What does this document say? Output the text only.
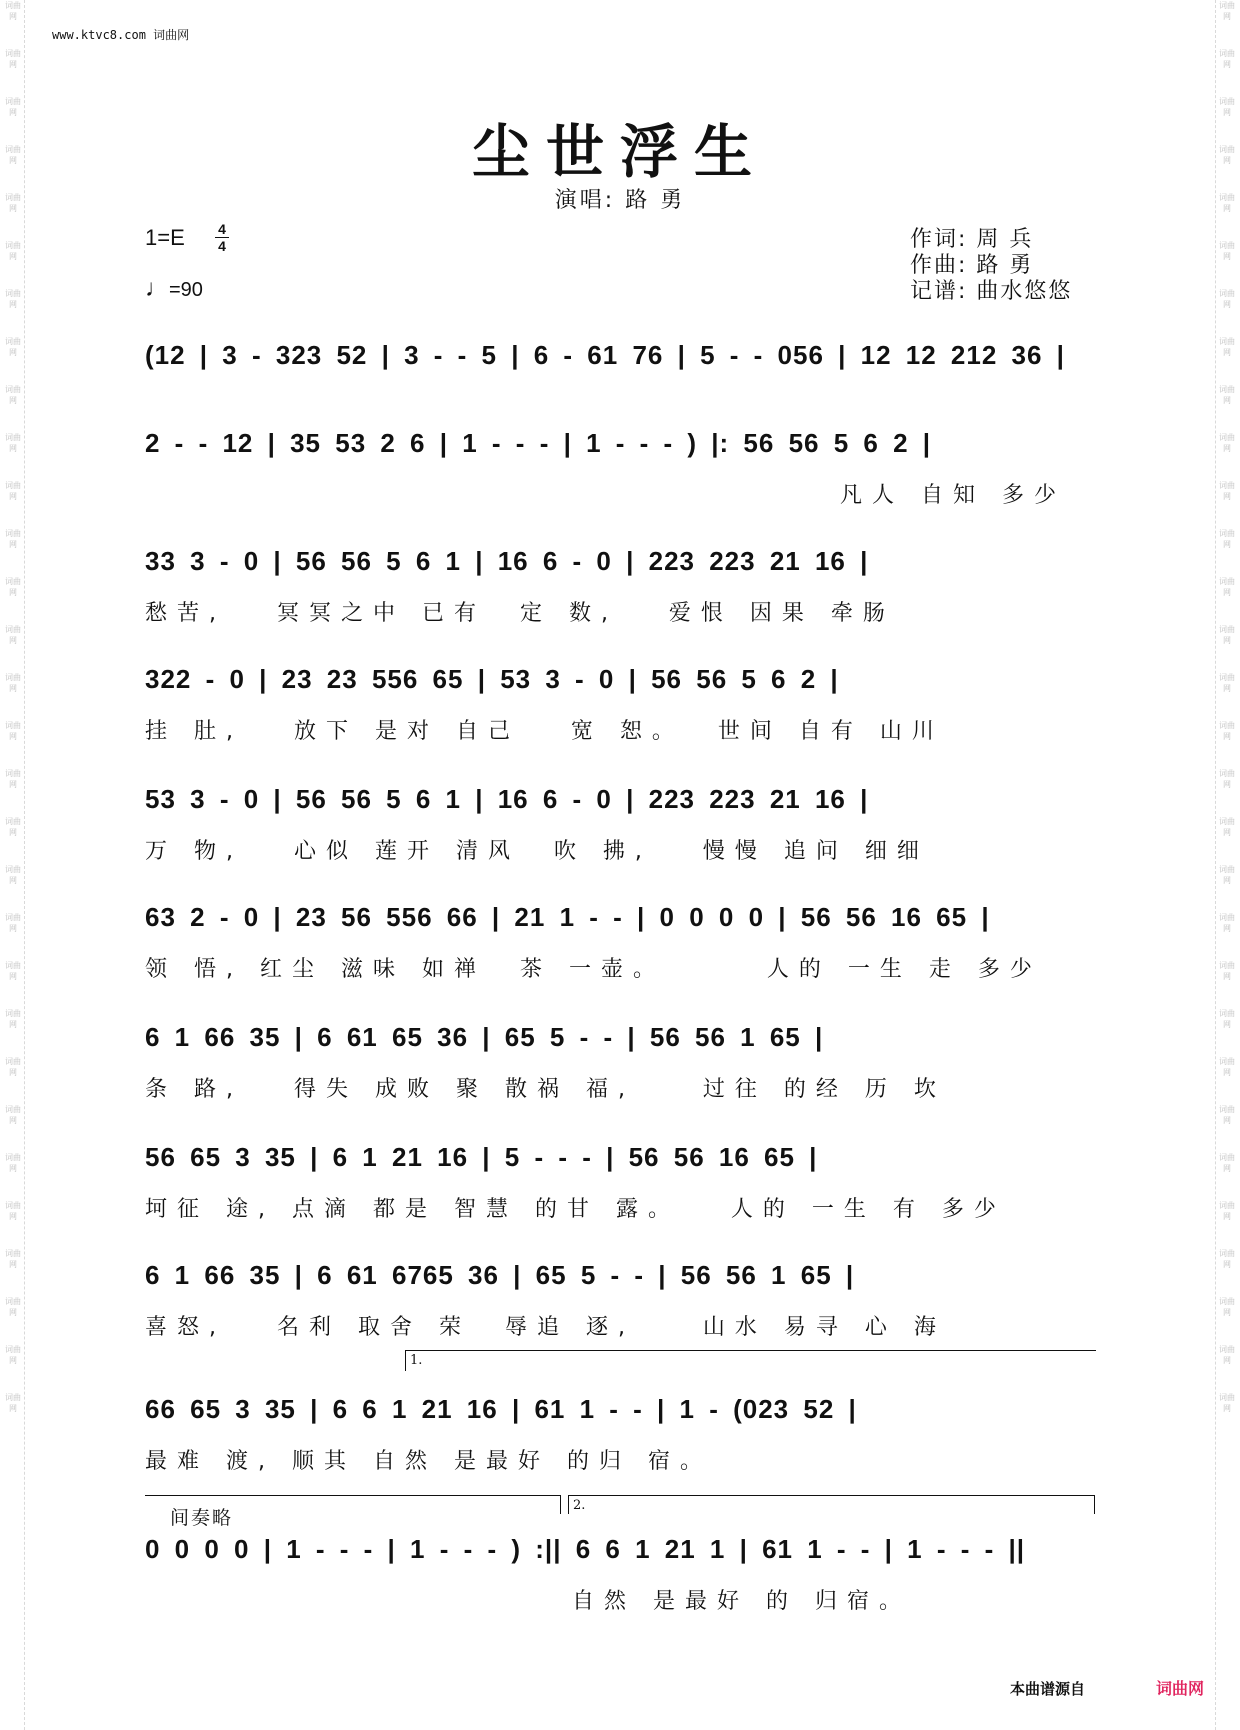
词曲网
词曲网
词曲网
词曲网
词曲网
词曲网
词曲网
词曲网
词曲网
词曲网
词曲网
词曲网
词曲网
词曲网
词曲网
词曲网
词曲网
词曲网
词曲网
词曲网
词曲网
词曲网
词曲网
词曲网
词曲网
词曲网
词曲网
词曲网
词曲网
词曲网
词曲网
词曲网
词曲网
词曲网
词曲网
词曲网
词曲网
词曲网
词曲网
词曲网
词曲网
词曲网
词曲网
词曲网
词曲网
词曲网
词曲网
词曲网
词曲网
词曲网
词曲网
词曲网
词曲网
词曲网
词曲网
词曲网
词曲网
词曲网
词曲网
词曲网
www.ktvc8.com 词曲网
尘世浮生
演唱: 路 勇
1=E 4
4
♩=90
作词: 周 兵
作曲: 路 勇
记谱: 曲水悠悠
(12 | 3 - 323 52 | 3 - - 5 | 6 - 61 76 | 5 - - 056 | 12 12 212 36 |
2 - - 12 | 35 53 2 6 | 1 - - - | 1 - - - ) |: 56 56 5 6 2 |
凡人 自知 多少
33 3 - 0 | 56 56 5 6 1 | 16 6 - 0 | 223 223 21 16 |
愁苦,   冥冥之中 已有  定 数,   爱恨 因果 牵肠
322 - 0 | 23 23 556 65 | 53 3 - 0 | 56 56 5 6 2 |
挂 肚,   放下 是对 自己   宽 恕。  世间 自有 山川
53 3 - 0 | 56 56 5 6 1 | 16 6 - 0 | 223 223 21 16 |
万 物,   心似 莲开 清风  吹 拂,   慢慢 追问 细细
63 2 - 0 | 23 56 556 66 | 21 1 - - | 0 0 0 0 | 56 56 16 65 |
领 悟, 红尘 滋味 如禅  茶 一壶。      人的 一生 走 多少
6 1 66 35 | 6 61 65 36 | 65 5 - - | 56 56 1 65 |
条 路,   得失 成败 聚 散祸 福,    过往 的经 历 坎
56 65 3 35 | 6 1 21 16 | 5 - - - | 56 56 16 65 |
坷征 途, 点滴 都是 智慧 的甘 露。   人的 一生 有 多少
6 1 66 35 | 6 61 6765 36 | 65 5 - - | 56 56 1 65 |
喜怒,   名利 取舍 荣  辱追 逐,    山水 易寻 心 海
1.
66 65 3 35 | 6 6 1 21 16 | 61 1 - - | 1 - (023 52 |
最难 渡, 顺其 自然 是最好 的归 宿。
间奏略
2.
0 0 0 0 | 1 - - - | 1 - - - ) :|| 6 6 1 21 1 | 61 1 - - | 1 - - - ||
自然 是最好 的 归宿。
本曲谱源自	词曲网
